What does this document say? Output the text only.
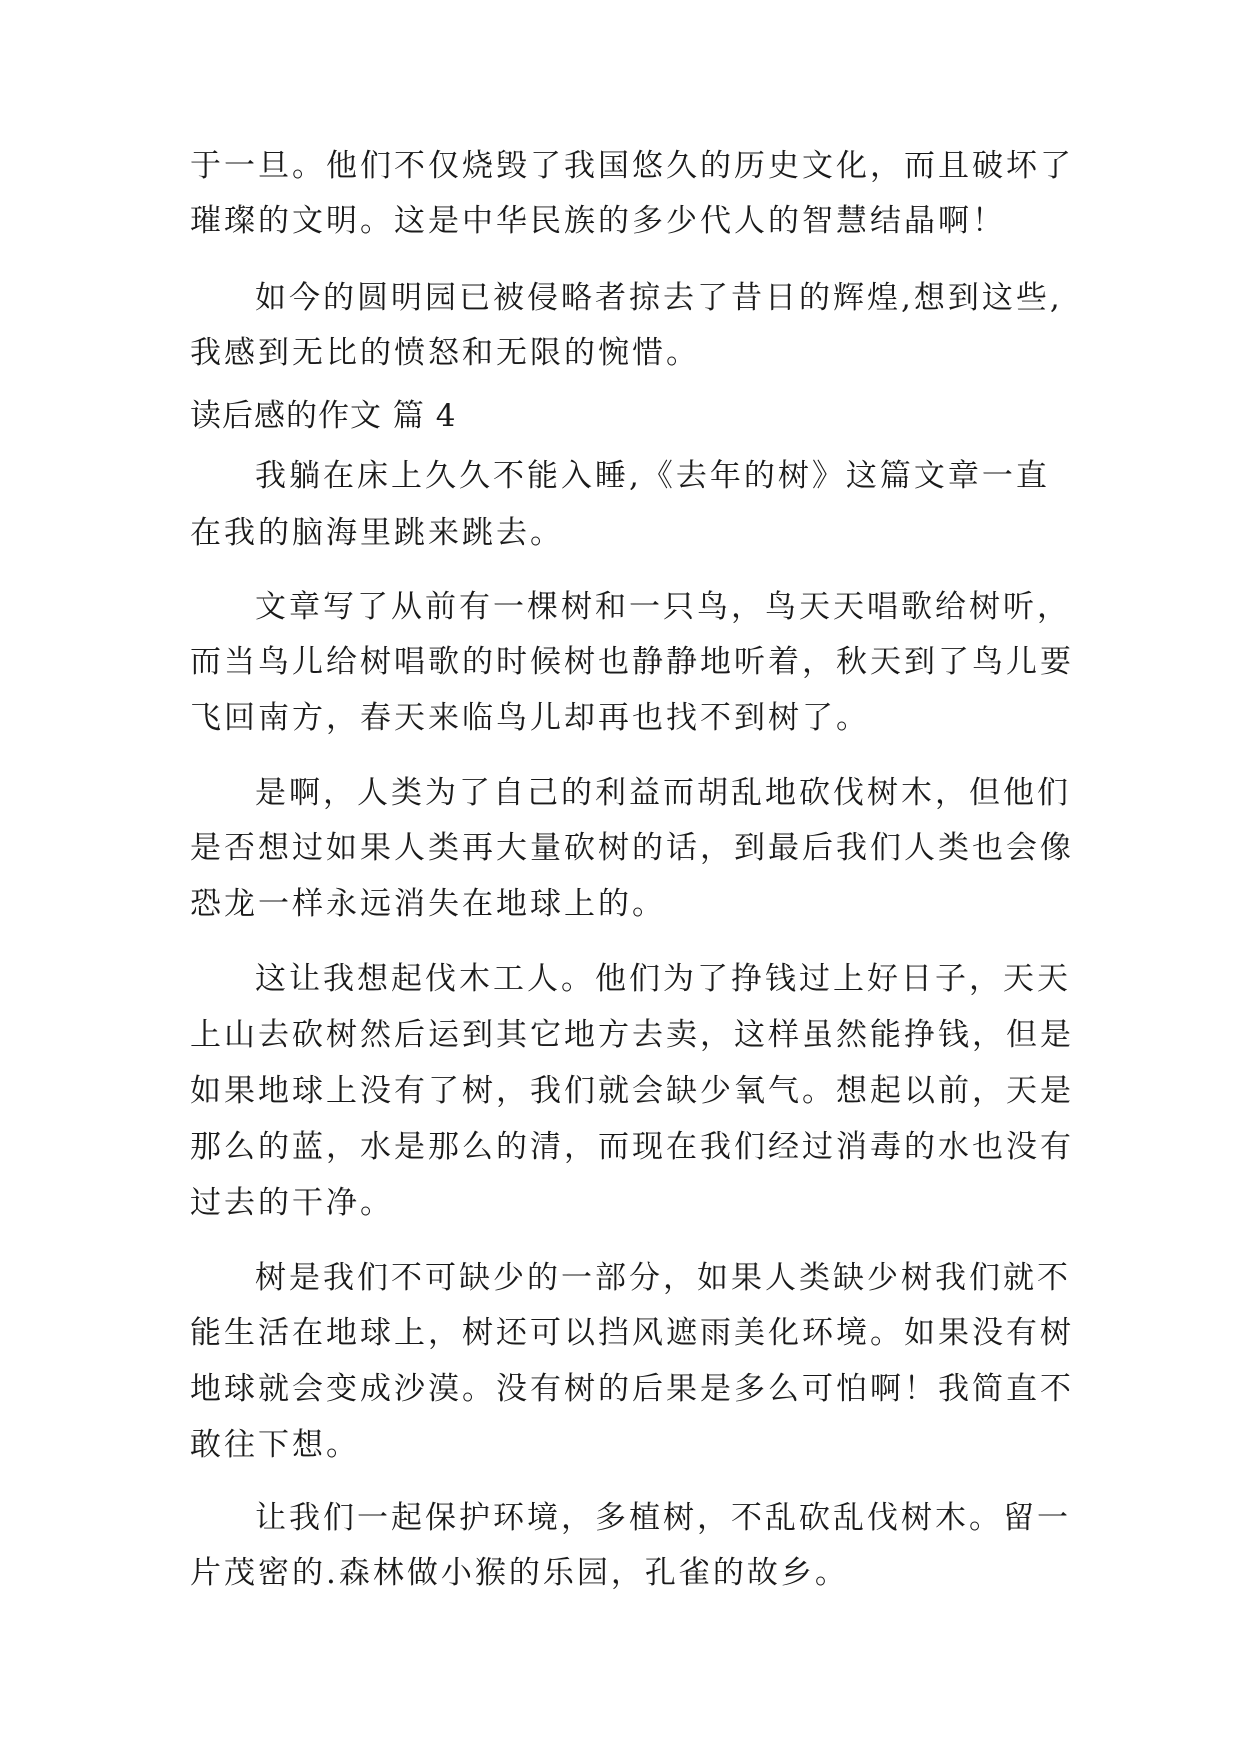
于一旦。他们不仅烧毁了我国悠久的历史文化，而且破坏了
璀璨的文明。这是中华民族的多少代人的智慧结晶啊！
如今的圆明园已被侵略者掠去了昔日的辉煌,想到这些,
我感到无比的愤怒和无限的惋惜。
读后感的作文 篇 4
我躺在床上久久不能入睡,《去年的树》这篇文章一直
在我的脑海里跳来跳去。
文章写了从前有一棵树和一只鸟，鸟天天唱歌给树听，
而当鸟儿给树唱歌的时候树也静静地听着，秋天到了鸟儿要
飞回南方，春天来临鸟儿却再也找不到树了。
是啊，人类为了自己的利益而胡乱地砍伐树木，但他们
是否想过如果人类再大量砍树的话，到最后我们人类也会像
恐龙一样永远消失在地球上的。
这让我想起伐木工人。他们为了挣钱过上好日子，天天
上山去砍树然后运到其它地方去卖，这样虽然能挣钱，但是
如果地球上没有了树，我们就会缺少氧气。想起以前，天是
那么的蓝，水是那么的清，而现在我们经过消毒的水也没有
过去的干净。
树是我们不可缺少的一部分，如果人类缺少树我们就不
能生活在地球上，树还可以挡风遮雨美化环境。如果没有树
地球就会变成沙漠。没有树的后果是多么可怕啊！我简直不
敢往下想。
让我们一起保护环境，多植树，不乱砍乱伐树木。留一
片茂密的.森林做小猴的乐园，孔雀的故乡。
